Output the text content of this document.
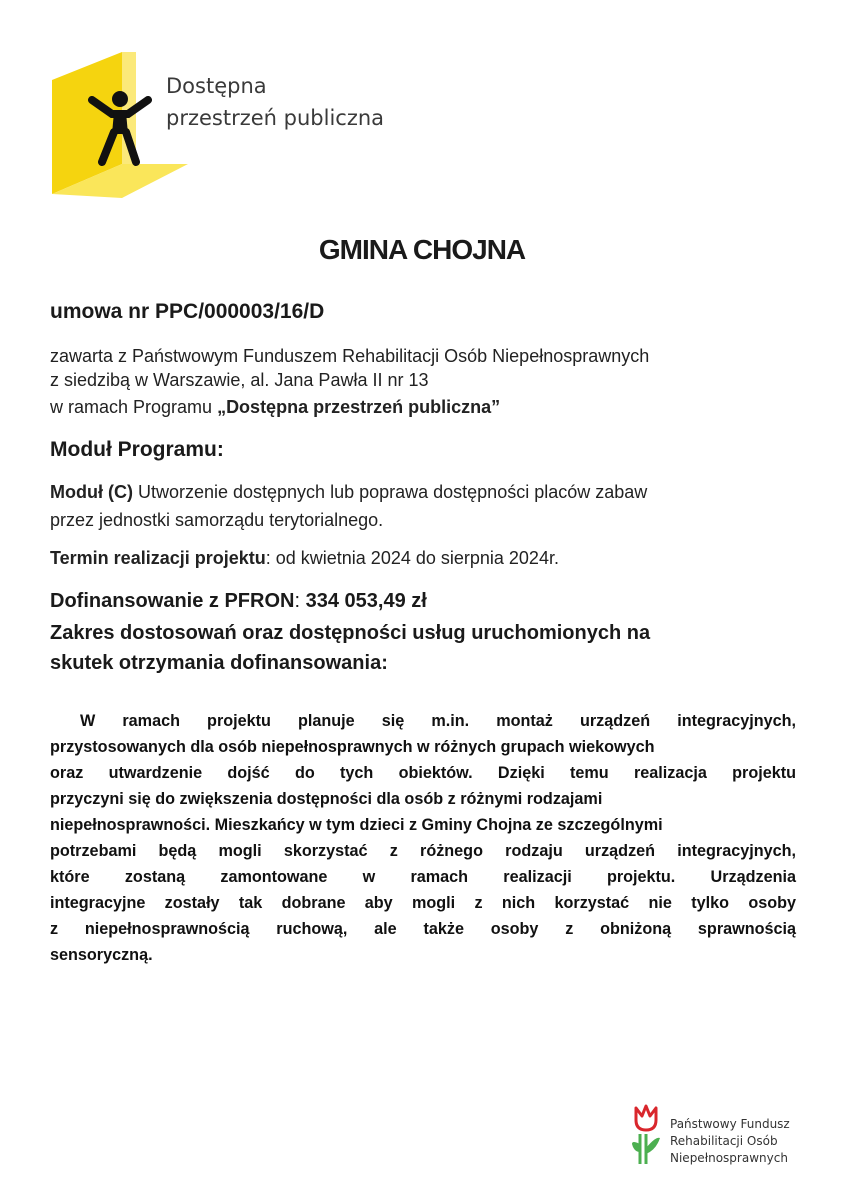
Dostępna
przestrzeń publiczna
GMINA CHOJNA
umowa nr PPC/000003/16/D
zawarta z Państwowym Funduszem Rehabilitacji Osób Niepełnosprawnych
z siedzibą w Warszawie, al. Jana Pawła II nr 13
w ramach Programu „Dostępna przestrzeń publiczna”
Moduł Programu:
Moduł (C) Utworzenie dostępnych lub poprawa dostępności placów zabaw
przez jednostki samorządu terytorialnego.
Termin realizacji projektu: od kwietnia 2024 do sierpnia 2024r.
Dofinansowanie z PFRON: 334 053,49 zł
Zakres dostosowań oraz dostępności usług uruchomionych na
skutek otrzymania dofinansowania:
W ramach projektu planuje się m.in. montaż urządzeń integracyjnych,
przystosowanych dla osób niepełnosprawnych w różnych grupach wiekowych
oraz utwardzenie dojść do tych obiektów. Dzięki temu realizacja projektu
przyczyni się do zwiększenia dostępności dla osób z różnymi rodzajami
niepełnosprawności. Mieszkańcy w tym dzieci z Gminy Chojna ze szczególnymi
potrzebami będą mogli skorzystać z różnego rodzaju urządzeń integracyjnych,
które zostaną zamontowane w ramach realizacji projektu. Urządzenia
integracyjne zostały tak dobrane aby mogli z nich korzystać nie tylko osoby
z niepełnosprawnością ruchową, ale także osoby z obniżoną sprawnością
sensoryczną.
Państwowy Fundusz
Rehabilitacji Osób
Niepełnosprawnych
